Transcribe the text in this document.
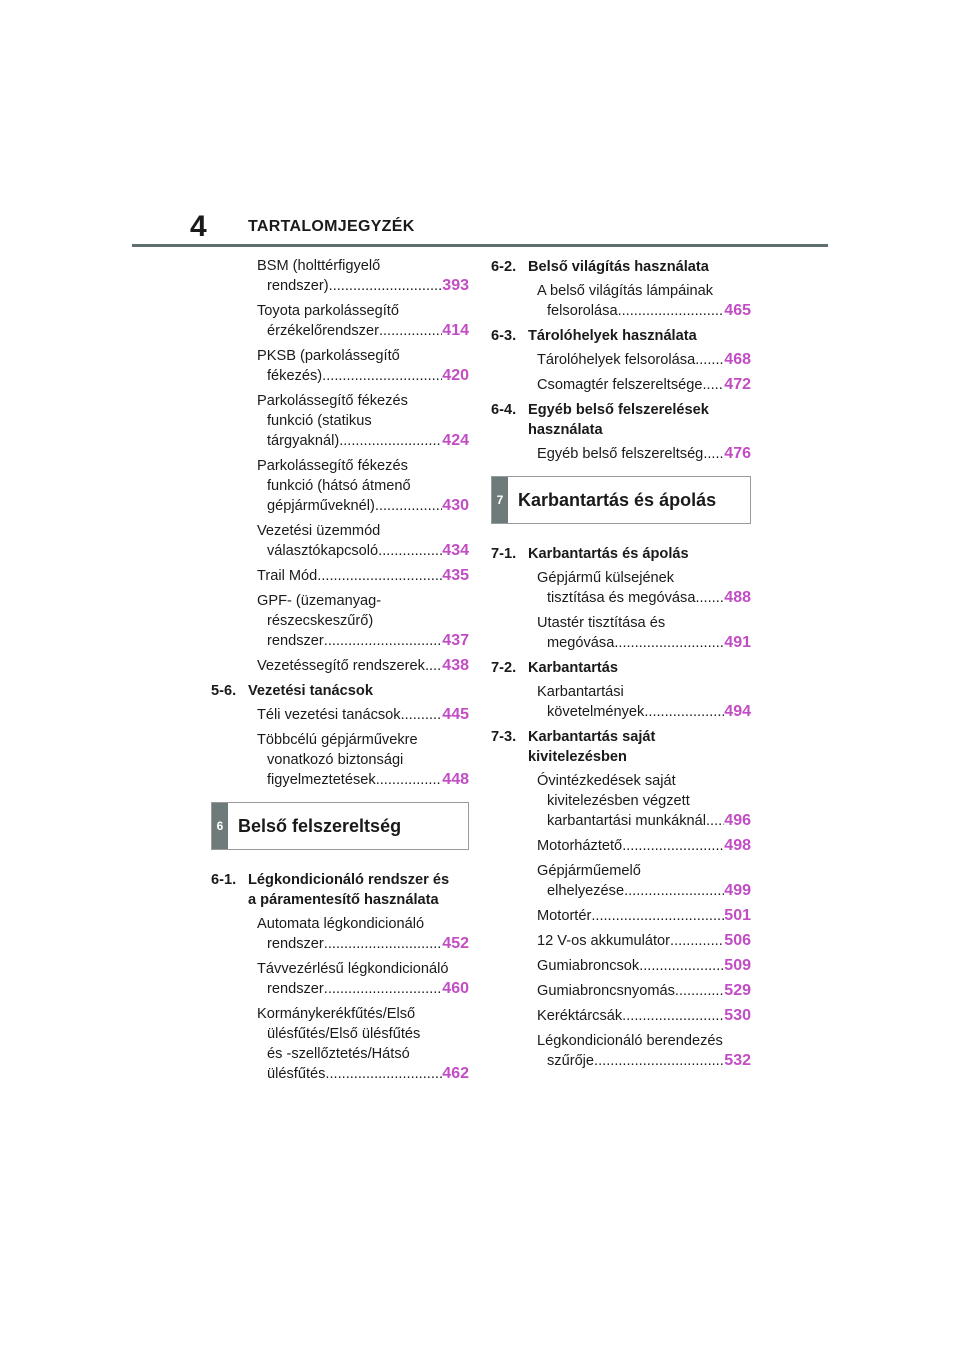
4	TARTALOMJEGYZÉK
BSM (holttérfigyelő
rendszer) .....	393
Toyota parkolássegítő
érzékelőrendszer .....	414
PKSB (parkolássegítő
fékezés) .....	420
Parkolássegítő fékezés
funkció (statikus
tárgyaknál) .....	424
Parkolássegítő fékezés
funkció (hátsó átmenő
gépjárműveknél) .....	430
Vezetési üzemmód
választókapcsoló .....	434
Trail Mód .....	435
GPF- (üzemanyag-
részecskeszűrő)
rendszer .....	437
Vezetéssegítő rendszerek ..... 438
5-6. Vezetési tanácsok
Téli vezetési tanácsok .....	445
Többcélú gépjárművekre
vonatkozó biztonsági
figyelmeztetések .....	448
6 Belső felszereltség
6-1. Légkondicionáló rendszer és
a páramentesítő használata
Automata légkondicionáló
rendszer .....	452
Távvezérlésű légkondicionáló
rendszer .....	460
Kormánykerékfűtés/Első
ülésfűtés/Első ülésfűtés
és -szellőztetés/Hátsó
ülésfűtés .....	462
6-2. Belső világítás használata
A belső világítás lámpáinak
felsorolása .....	465
6-3. Tárolóhelyek használata
Tárolóhelyek felsorolása ..... 468
Csomagtér felszereltsége ..... 472
6-4. Egyéb belső felszerelések
használata
Egyéb belső felszereltség ..... 476
7 Karbantartás és ápolás
7-1. Karbantartás és ápolás
Gépjármű külsejének
tisztítása és megóvása ..... 488
Utastér tisztítása és
megóvása .....	491
7-2. Karbantartás
Karbantartási
követelmények .....	494
7-3. Karbantartás saját
kivitelezésben
Óvintézkedések saját
kivitelezésben végzett
karbantartási munkáknál ..... 496
Motorháztető .....	498
Gépjárműemelő
elhelyezése .....	499
Motortér .....	501
12 V-os akkumulátor .....	506
Gumiabroncsok .....	509
Gumiabroncsnyomás .....	529
Keréktárcsák .....	530
Légkondicionáló berendezés
szűrője .....	532
